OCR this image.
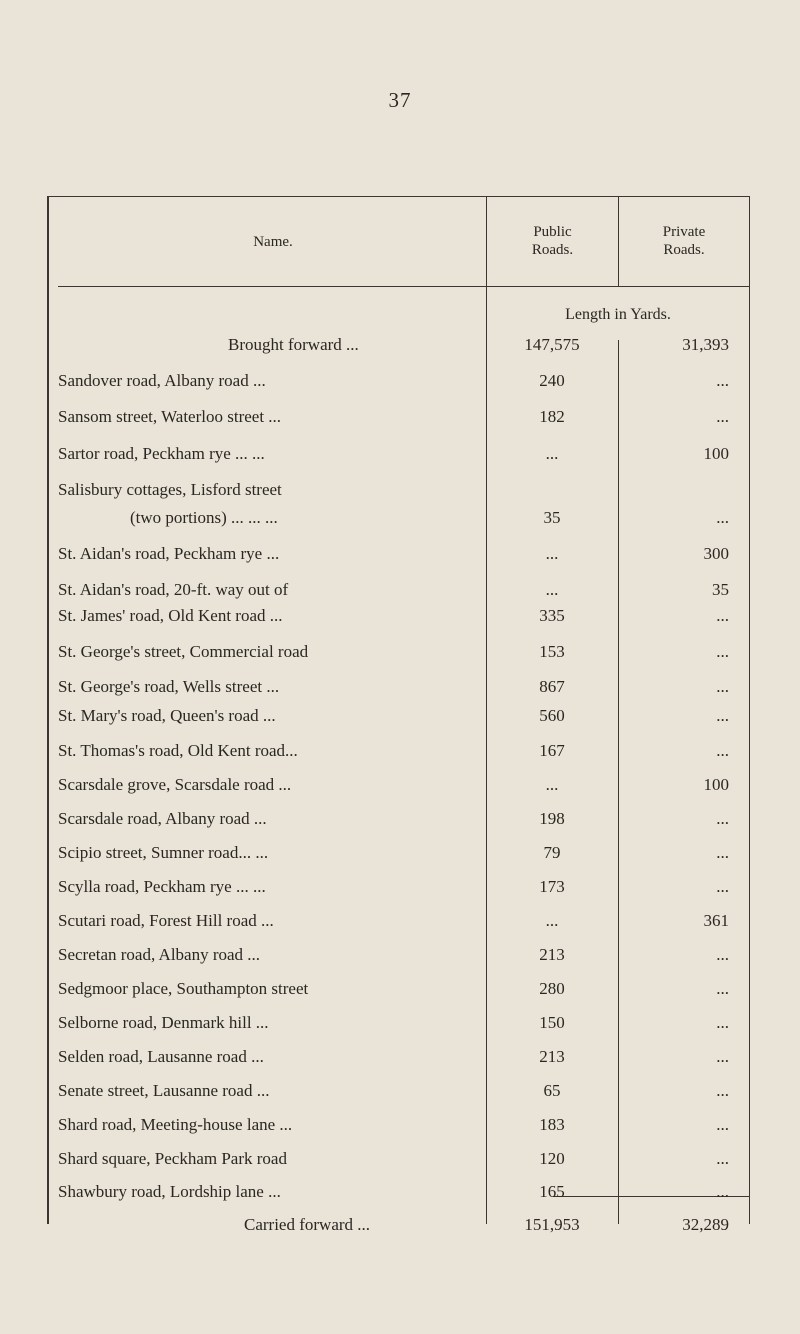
37
Name.
Public
Roads.
Private
Roads.
Length in Yards.
Brought forward ...	147,575	31,393
Sandover road, Albany road ...	240	...
Sansom street, Waterloo street ...	182	...
Sartor road, Peckham rye ... ...	...	100
Salisbury cottages, Lisford street
(two portions) ... ... ...	35	...
St. Aidan's road, Peckham rye ...	...	300
St. Aidan's road, 20-ft. way out of	...	35
St. James' road, Old Kent road ...	335	...
St. George's street, Commercial road	153	...
St. George's road, Wells street ...	867	...
St. Mary's road, Queen's road ...	560	...
St. Thomas's road, Old Kent road...	167	...
Scarsdale grove, Scarsdale road ...	...	100
Scarsdale road, Albany road ...	198	...
Scipio street, Sumner road... ...	79	...
Scylla road, Peckham rye ... ...	173	...
Scutari road, Forest Hill road ...	...	361
Secretan road, Albany road ...	213	...
Sedgmoor place, Southampton street	280	...
Selborne road, Denmark hill ...	150	...
Selden road, Lausanne road ...	213	...
Senate street, Lausanne road ...	65	...
Shard road, Meeting-house lane ...	183	...
Shard square, Peckham Park road	120	...
Shawbury road, Lordship lane ...	165	...
Carried forward ...	151,953	32,289
